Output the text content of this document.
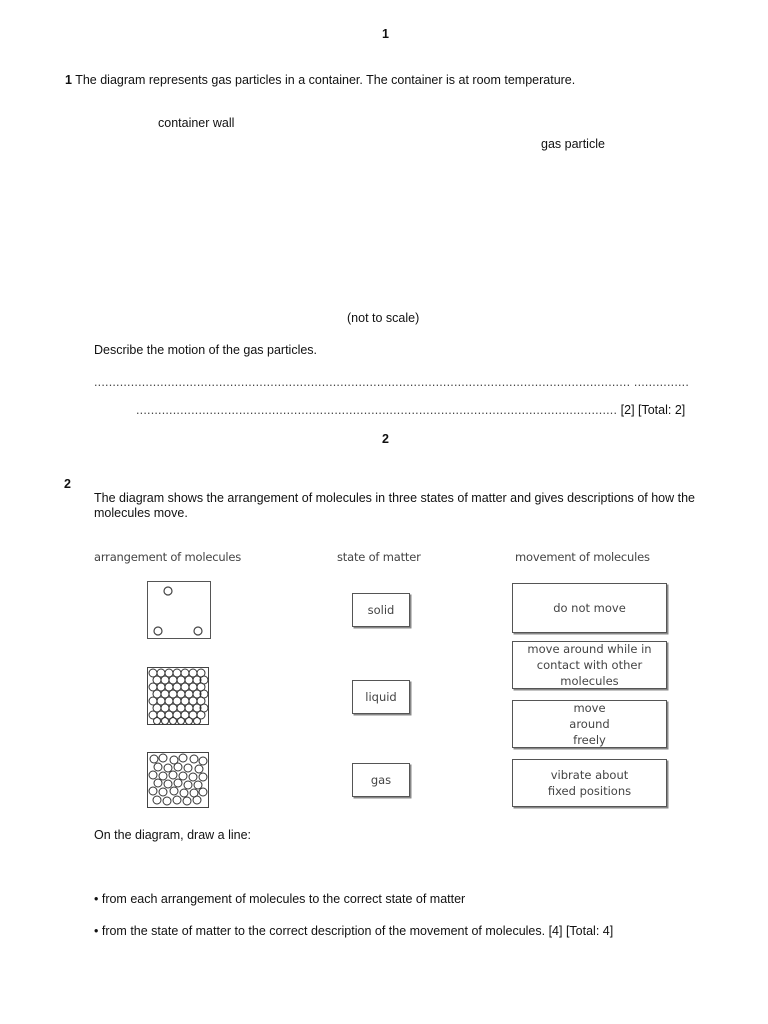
1
1 The diagram represents gas particles in a container. The container is at room temperature.
container wall
gas particle
(not to scale)
Describe the motion of the gas particles.
.................................................................................................................................................. ...............
................................................................................................................................... [2] [Total: 2]
2
2
The diagram shows the arrangement of molecules in three states of matter and gives descriptions of how the molecules move.
arrangement of molecules	state of matter	movement of molecules
solid
liquid
gas
do not move
move around while in contact with other molecules
move around freely
vibrate about fixed positions
On the diagram, draw a line:
• from each arrangement of molecules to the correct state of matter
• from the state of matter to the correct description of the movement of molecules. [4] [Total: 4]
